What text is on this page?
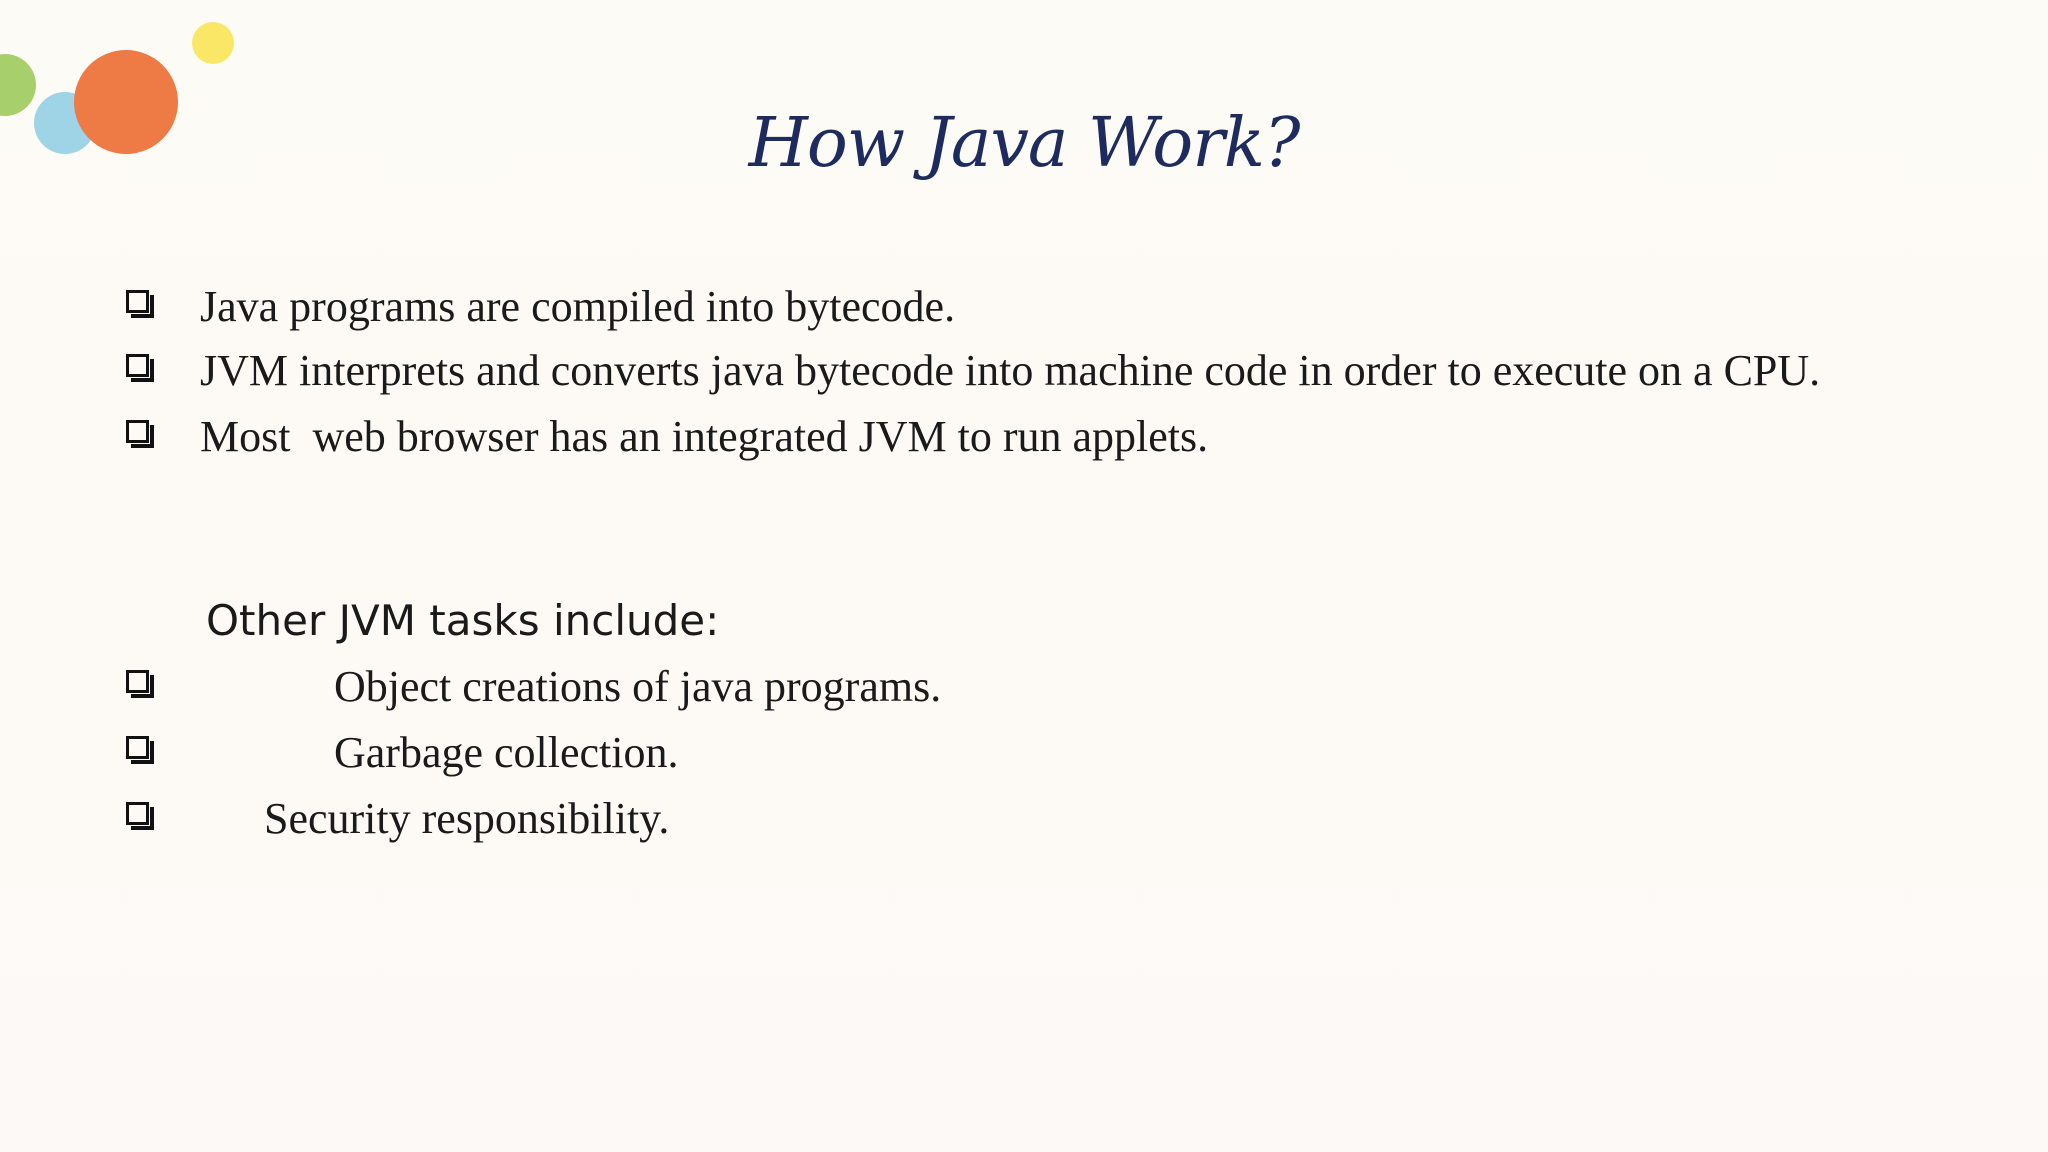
How Java Work?
Java programs are compiled into bytecode.
JVM interprets and converts java bytecode into machine code in order to execute on a CPU.
Most  web browser has an integrated JVM to run applets.
Other JVM tasks include:
Object creations of java programs.
Garbage collection.
Security responsibility.
